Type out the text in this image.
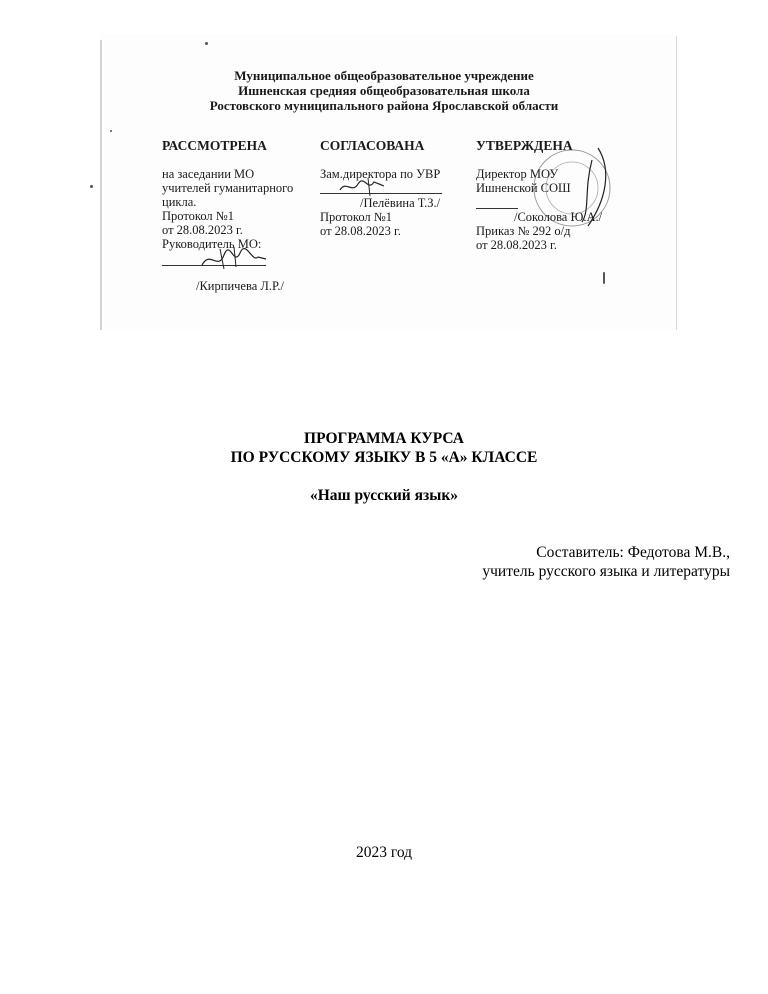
Муниципальное общеобразовательное учреждение
Ишненская средняя общеобразовательная школа
Ростовского муниципального района Ярославской области
РАССМОТРЕНА
на заседании МО
учителей гуманитарного
цикла.
Протокол №1
от 28.08.2023 г.
Руководитель МО:
/Кирпичева Л.Р./
СОГЛАСОВАНА
Зам.директора по УВР
/Пелёвина Т.З./
Протокол №1
от 28.08.2023 г.
УТВЕРЖДЕНА
Директор МОУ
Ишненской СОШ
/Соколова Ю.А./
Приказ № 292 о/д
от 28.08.2023 г.
ПРОГРАММА КУРСА
ПО РУССКОМУ ЯЗЫКУ В 5 «А» КЛАССЕ
«Наш русский язык»
Составитель: Федотова М.В.,
учитель русского языка и литературы
2023 год
